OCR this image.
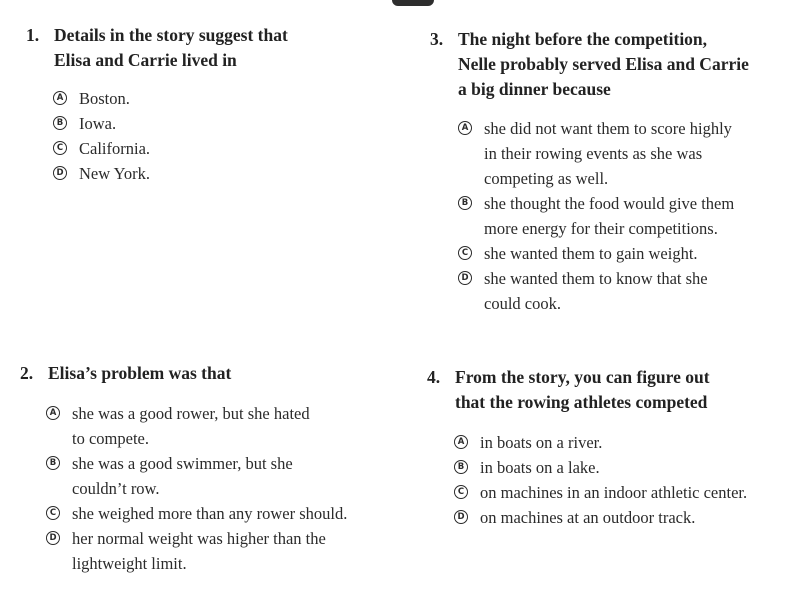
1. Details in the story suggest that
Elisa and Carrie lived in
A Boston.
B Iowa.
C California.
D New York.
3. The night before the competition,
Nelle probably served Elisa and Carrie
a big dinner because
A she did not want them to score highly
in their rowing events as she was
competing as well.
B she thought the food would give them
more energy for their competitions.
C she wanted them to gain weight.
D she wanted them to know that she
could cook.
2. Elisa’s problem was that
A she was a good rower, but she hated
to compete.
B she was a good swimmer, but she
couldn’t row.
C she weighed more than any rower should.
D her normal weight was higher than the
lightweight limit.
4. From the story, you can figure out
that the rowing athletes competed
A in boats on a river.
B in boats on a lake.
C on machines in an indoor athletic center.
D on machines at an outdoor track.
